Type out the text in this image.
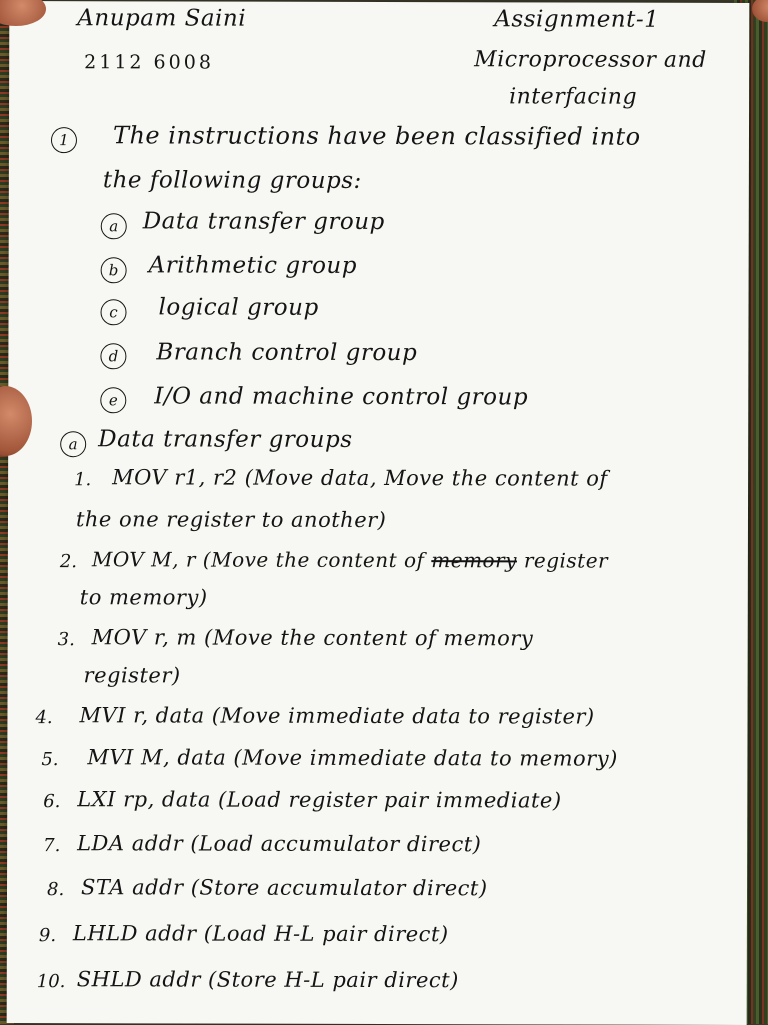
Anupam Saini
2112 6008
Assignment-1
Microprocessor and
interfacing
1	The instructions have been classified into
the following groups:
a	Data transfer group
b	Arithmetic group
c	logical group
d	Branch control group
e	I/O and machine control group
a Data transfer groups
1. MOV r1, r2 (Move data, Move the content of
the one register to another)
2. MOV M, r (Move the content of memory register
to memory)
3. MOV r, m (Move the content of memory
register)
4. MVI r, data (Move immediate data to register)
5. MVI M, data (Move immediate data to memory)
6. LXI rp, data (Load register pair immediate)
7. LDA addr (Load accumulator direct)
8. STA addr (Store accumulator direct)
9. LHLD addr (Load H-L pair direct)
10. SHLD addr (Store H-L pair direct)
